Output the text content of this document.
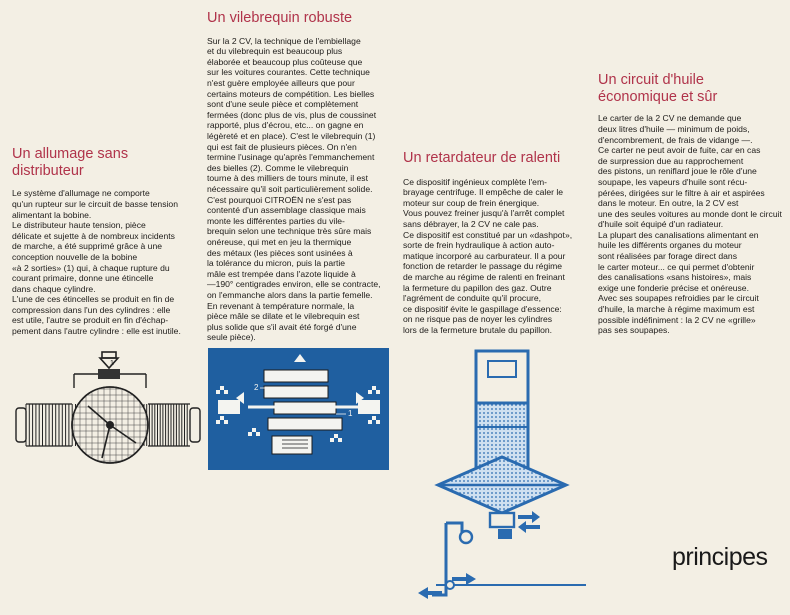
Un allumage sans
distributeur

Le système d'allumage ne comporte
qu'un rupteur sur le circuit de basse tension
alimentant la bobine.
Le distributeur haute tension, pièce
délicate et sujette à de nombreux incidents
de marche, a été supprimé grâce à une
conception nouvelle de la bobine
«à 2 sorties» (1) qui, à chaque rupture du
courant primaire, donne une étincelle
dans chaque cylindre.
L'une de ces étincelles se produit en fin de
compression dans l'un des cylindres : elle
est utile, l'autre se produit en fin d'échap-
pement dans l'autre cylindre : elle est inutile.

Un vilebrequin robuste

Sur la 2 CV, la technique de l'embiellage
et du vilebrequin est beaucoup plus
élaborée et beaucoup plus coûteuse que
sur les voitures courantes. Cette technique
n'est guère employée ailleurs que pour
certains moteurs de compétition. Les bielles
sont d'une seule pièce et complètement
fermées (donc plus de vis, plus de coussinet
rapporté, plus d'écrou, etc... on gagne en
légèreté et en place). C'est le vilebrequin (1)
qui est fait de plusieurs pièces. On n'en
termine l'usinage qu'après l'emmanchement
des bielles (2). Comme le vilebrequin
tourne à des milliers de tours minute, il est
nécessaire qu'il soit particulièrement solide.
C'est pourquoi CITROËN ne s'est pas
contenté d'un assemblage classique mais
monte les différentes parties du vile-
brequin selon une technique très sûre mais
onéreuse, qui met en jeu la thermique
des métaux (les pièces sont usinées à
la tolérance du micron, puis la partie
mâle est trempée dans l'azote liquide à
—190° centigrades environ, elle se contracte,
on l'emmanche alors dans la partie femelle.
En revenant à température normale, la
pièce mâle se dilate et le vilebrequin est
plus solide que s'il avait été forgé d'une
seule pièce).

Un retardateur de ralenti

Ce dispositif ingénieux complète l'em-
brayage centrifuge. Il empêche de caler le
moteur sur coup de frein énergique.
Vous pouvez freiner jusqu'à l'arrêt complet
sans débrayer, la 2 CV ne cale pas.
Ce dispositif est constitué par un «dashpot»,
sorte de frein hydraulique à action auto-
matique incorporé au carburateur. Il a pour
fonction de retarder le passage du régime
de marche au régime de ralenti en freinant
la fermeture du papillon des gaz. Outre
l'agrément de conduite qu'il procure,
ce dispositif évite le gaspillage d'essence:
on ne risque pas de noyer les cylindres
lors de la fermeture brutale du papillon.

Un circuit d'huile
économique et sûr

Le carter de la 2 CV ne demande que
deux litres d'huile — minimum de poids,
d'encombrement, de frais de vidange —.
Ce carter ne peut avoir de fuite, car en cas
de surpression due au rapprochement
des pistons, un reniflard joue le rôle d'une
soupape, les vapeurs d'huile sont récu-
pérées, dirigées sur le filtre à air et aspirées
dans le moteur. En outre, la 2 CV est
une des seules voitures au monde dont le circuit
d'huile soit équipé d'un radiateur.
La plupart des canalisations alimentant en
huile les différents organes du moteur
sont réalisées par forage direct dans
le carter moteur... ce qui permet d'obtenir
des canalisations «sans histoires», mais
exige une fonderie précise et onéreuse.
Avec ses soupapes refroidies par le circuit
d'huile, la marche à régime maximum est
possible indéfiniment : la 2 CV ne «grille»
pas ses soupapes.

1
2
1
principes
